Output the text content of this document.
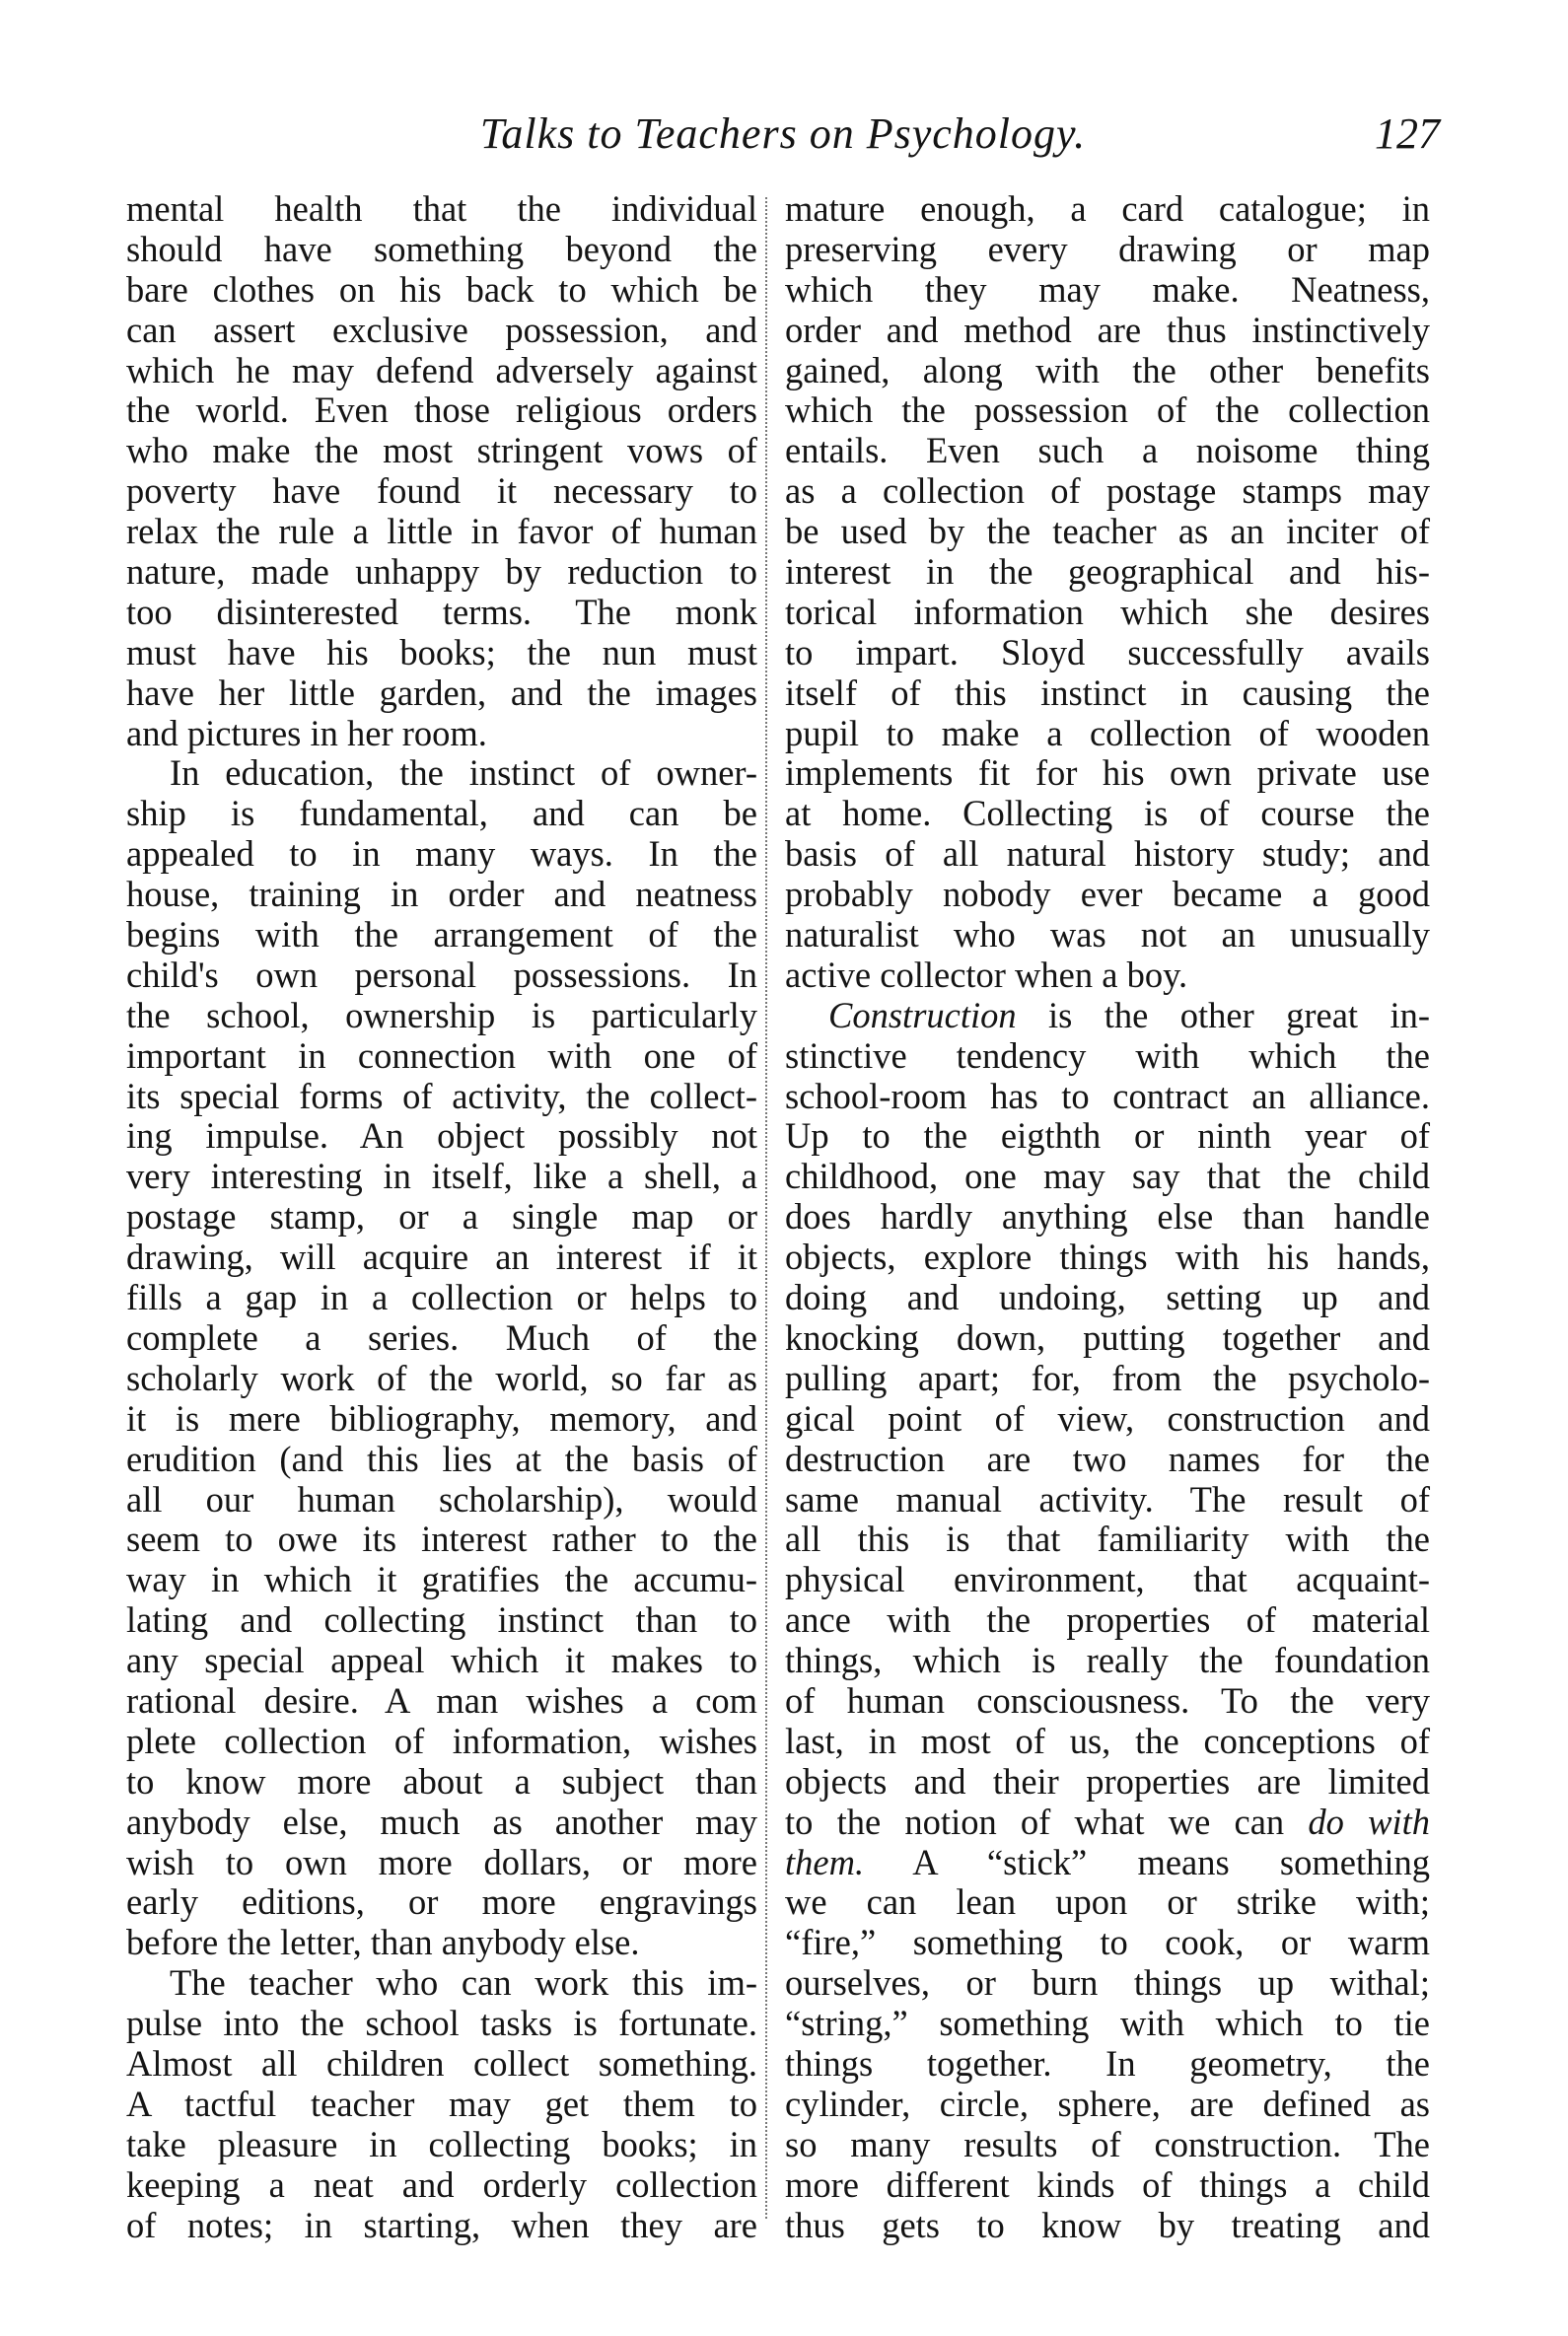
Talks to Teachers on Psychology.	127
mental health that the individual
should have something beyond the
bare clothes on his back to which be
can assert exclusive possession, and
which he may defend adversely against
the world. Even those religious orders
who make the most stringent vows of
poverty have found it necessary to
relax the rule a little in favor of human
nature, made unhappy by reduction to
too disinterested terms. The monk
must have his books; the nun must
have her little garden, and the images
and pictures in her room.
In education, the instinct of owner-
ship is fundamental, and can be
appealed to in many ways. In the
house, training in order and neatness
begins with the arrangement of the
child's own personal possessions. In
the school, ownership is particularly
important in connection with one of
its special forms of activity, the collect-
ing impulse. An object possibly not
very interesting in itself, like a shell, a
postage stamp, or a single map or
drawing, will acquire an interest if it
fills a gap in a collection or helps to
complete a series. Much of the
scholarly work of the world, so far as
it is mere bibliography, memory, and
erudition (and this lies at the basis of
all our human scholarship), would
seem to owe its interest rather to the
way in which it gratifies the accumu-
lating and collecting instinct than to
any special appeal which it makes to
rational desire. A man wishes a com
plete collection of information, wishes
to know more about a subject than
anybody else, much as another may
wish to own more dollars, or more
early editions, or more engravings
before the letter, than anybody else.
The teacher who can work this im-
pulse into the school tasks is fortunate.
Almost all children collect something.
A tactful teacher may get them to
take pleasure in collecting books; in
keeping a neat and orderly collection
of notes; in starting, when they are
mature enough, a card catalogue; in
preserving every drawing or map
which they may make. Neatness,
order and method are thus instinctively
gained, along with the other benefits
which the possession of the collection
entails. Even such a noisome thing
as a collection of postage stamps may
be used by the teacher as an inciter of
interest in the geographical and his-
torical information which she desires
to impart. Sloyd successfully avails
itself of this instinct in causing the
pupil to make a collection of wooden
implements fit for his own private use
at home. Collecting is of course the
basis of all natural history study; and
probably nobody ever became a good
naturalist who was not an unusually
active collector when a boy.
Construction is the other great in-
stinctive tendency with which the
school-room has to contract an alliance.
Up to the eigthth or ninth year of
childhood, one may say that the child
does hardly anything else than handle
objects, explore things with his hands,
doing and undoing, setting up and
knocking down, putting together and
pulling apart; for, from the psycholo-
gical point of view, construction and
destruction are two names for the
same manual activity. The result of
all this is that familiarity with the
physical environment, that acquaint-
ance with the properties of material
things, which is really the foundation
of human consciousness. To the very
last, in most of us, the conceptions of
objects and their properties are limited
to the notion of what we can do with
them. A “stick” means something
we can lean upon or strike with;
“fire,” something to cook, or warm
ourselves, or burn things up withal;
“string,” something with which to tie
things together. In geometry, the
cylinder, circle, sphere, are defined as
so many results of construction. The
more different kinds of things a child
thus gets to know by treating and
